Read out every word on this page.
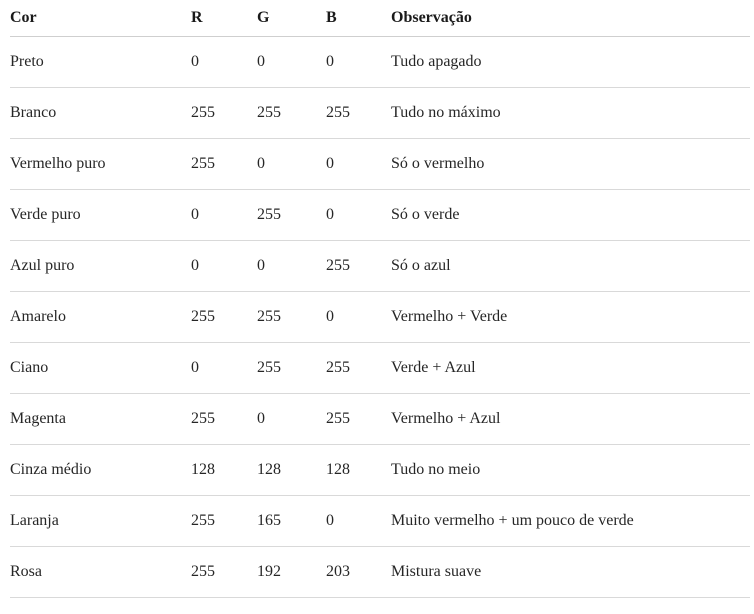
Cor	R	G	B	Observação
Preto	0	0	0	Tudo apagado
Branco	255	255	255	Tudo no máximo
Vermelho puro	255	0	0	Só o vermelho
Verde puro	0	255	0	Só o verde
Azul puro	0	0	255	Só o azul
Amarelo	255	255	0	Vermelho + Verde
Ciano	0	255	255	Verde + Azul
Magenta	255	0	255	Vermelho + Azul
Cinza médio	128	128	128	Tudo no meio
Laranja	255	165	0	Muito vermelho + um pouco de verde
Rosa	255	192	203	Mistura suave
